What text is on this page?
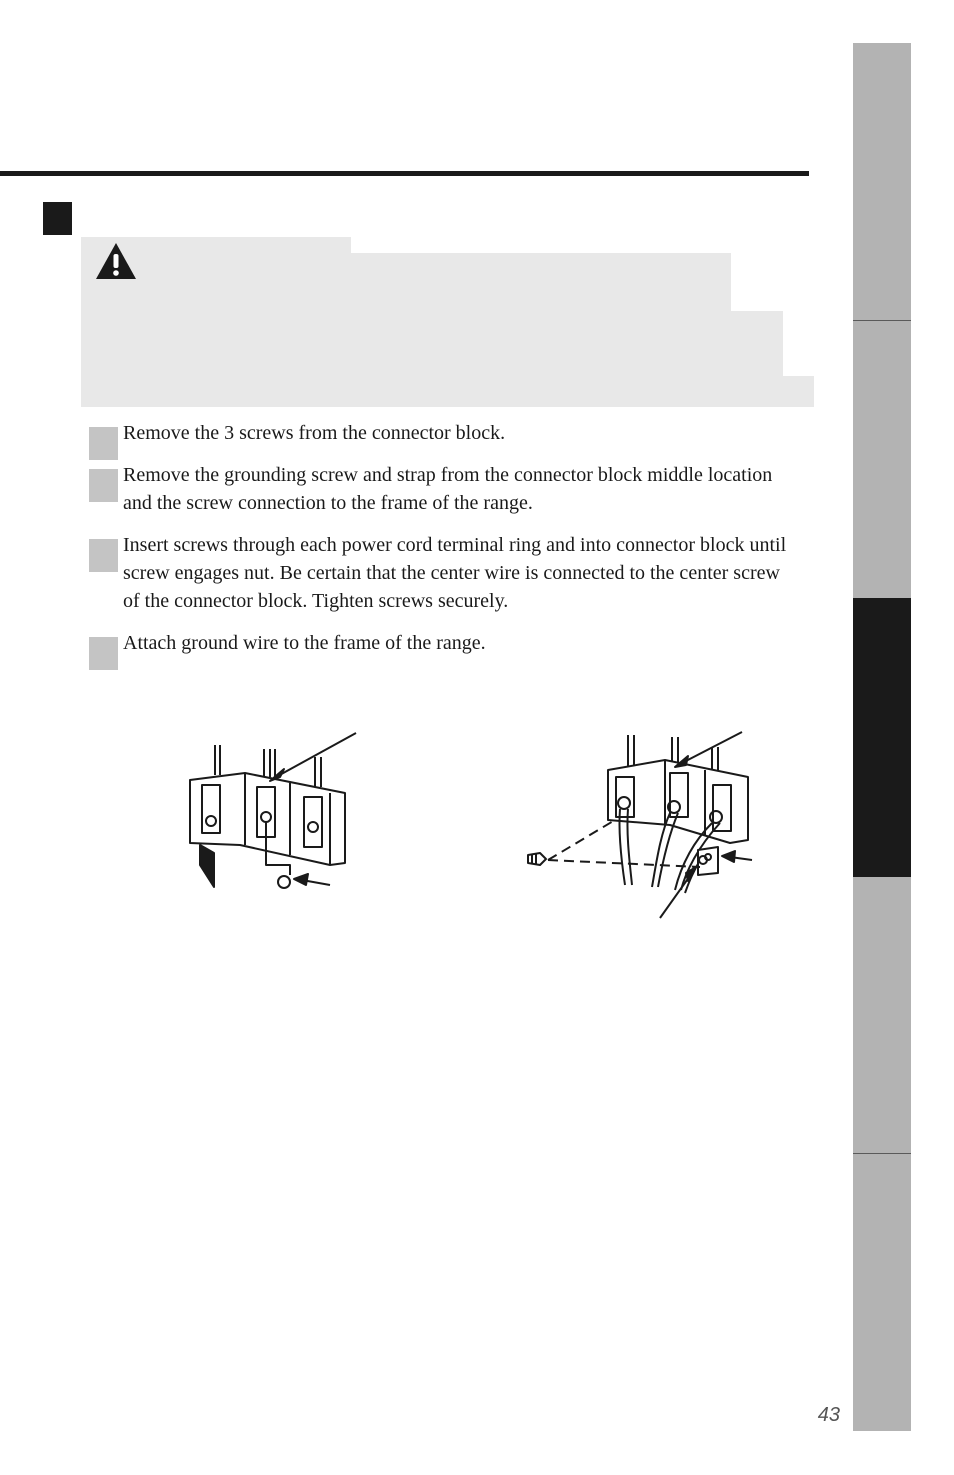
Remove the 3 screws from the connector block.
Remove the grounding screw and strap from the connector block middle location and the screw connection to the frame of the range.
Insert screws through each power cord terminal ring and into connector block until screw engages nut. Be certain that the center wire is connected to the center screw of the connector block. Tighten screws securely.
Attach ground wire to the frame of the range.
43
